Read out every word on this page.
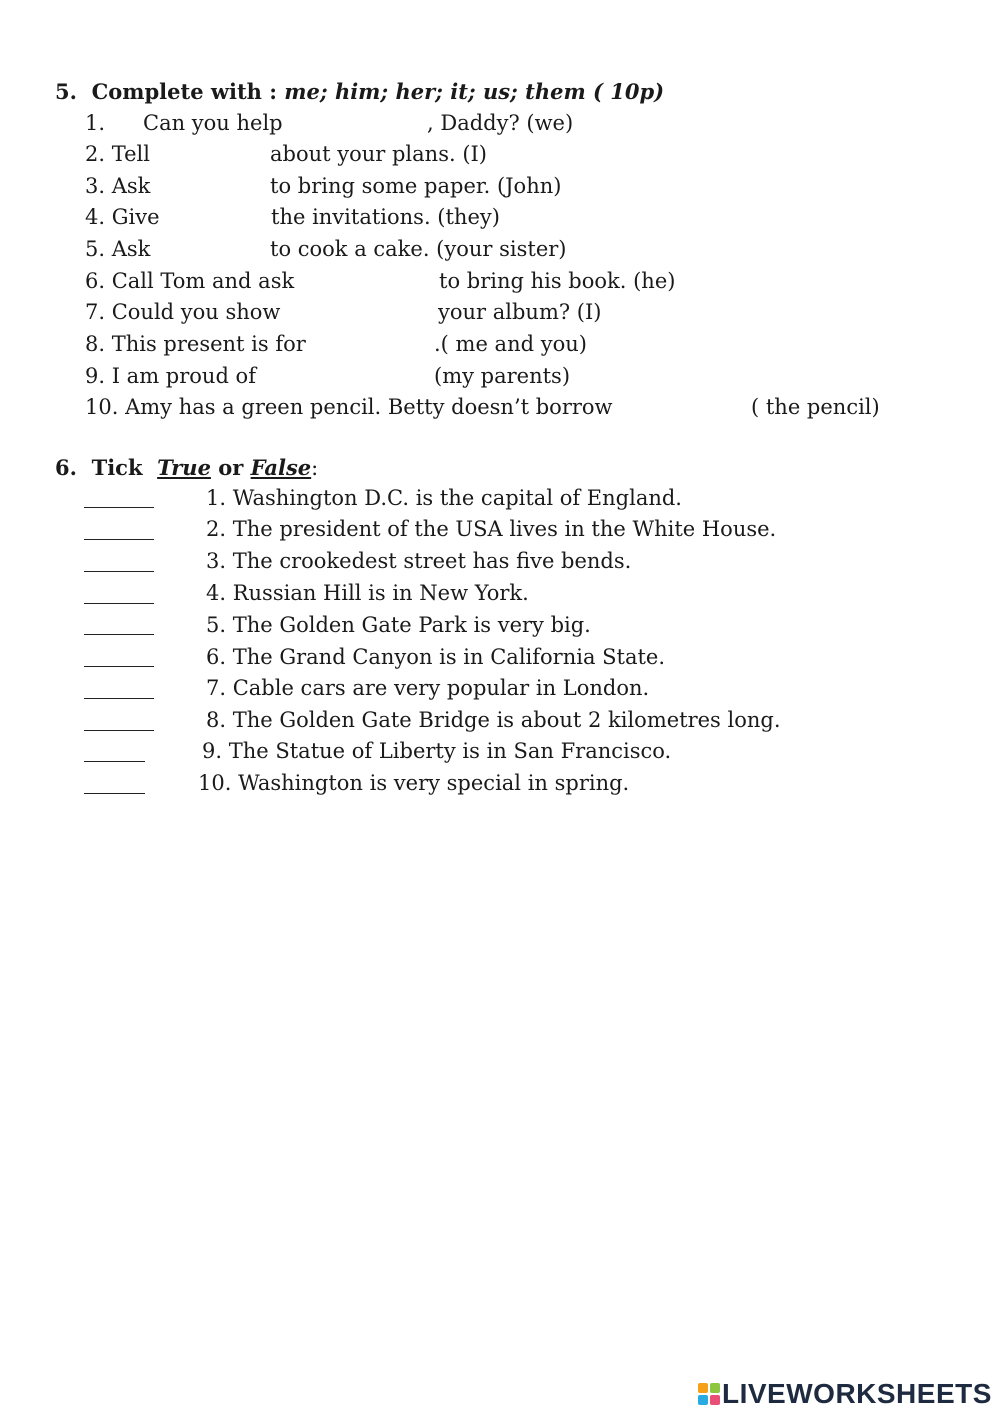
5. Complete with : me; him; her; it; us; them ( 10p)
1. Can you help	, Daddy? (we)
2. Tell	about your plans. (I)
3. Ask	to bring some paper. (John)
4. Give	the invitations. (they)
5. Ask	to cook a cake. (your sister)
6. Call Tom and ask	to bring his book. (he)
7. Could you show	your album? (I)
8. This present is for	.( me and you)
9. I am proud of	(my parents)
10. Amy has a green pencil. Betty doesn’t borrow	( the pencil)
6. Tick True or False:
1. Washington D.C. is the capital of England.
2. The president of the USA lives in the White House.
3. The crookedest street has five bends.
4. Russian Hill is in New York.
5. The Golden Gate Park is very big.
6. The Grand Canyon is in California State.
7. Cable cars are very popular in London.
8. The Golden Gate Bridge is about 2 kilometres long.
9. The Statue of Liberty is in San Francisco.
10. Washington is very special in spring.
LIVEWORKSHEETS
